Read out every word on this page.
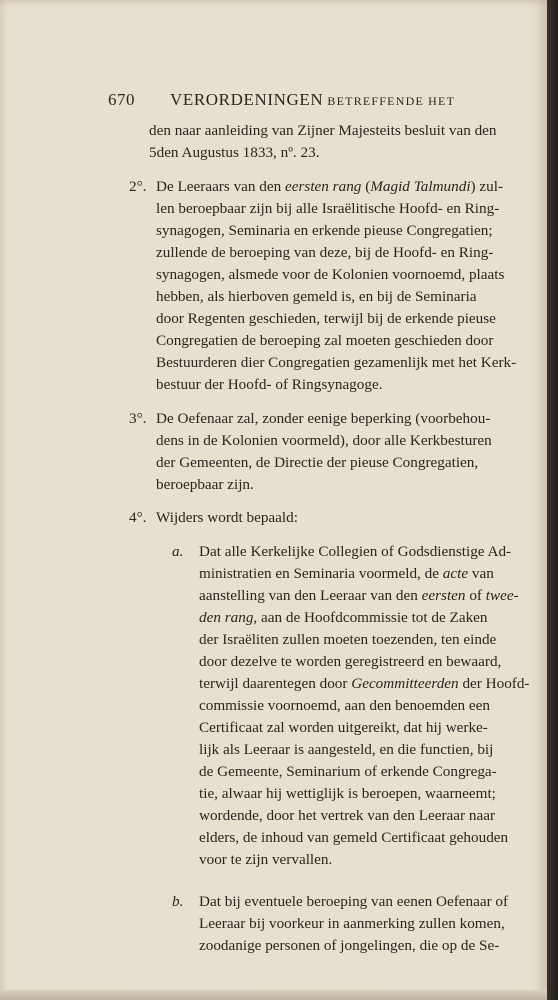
670 VERORDENINGEN BETREFFENDE HET
den naar aanleiding van Zijner Majesteits besluit van den
5den Augustus 1833, nº. 23.
2°. De Leeraars van den eersten rang (Magid Talmundi) zul-
len beroepbaar zijn bij alle Israëlitische Hoofd- en Ring-
synagogen, Seminaria en erkende pieuse Congregatien;
zullende de beroeping van deze, bij de Hoofd- en Ring-
synagogen, alsmede voor de Kolonien voornoemd, plaats
hebben, als hierboven gemeld is, en bij de Seminaria
door Regenten geschieden, terwijl bij de erkende pieuse
Congregatien de beroeping zal moeten geschieden door
Bestuurderen dier Congregatien gezamenlijk met het Kerk-
bestuur der Hoofd- of Ringsynagoge.
3°. De Oefenaar zal, zonder eenige beperking (voorbehou-
dens in de Kolonien voormeld), door alle Kerkbesturen
der Gemeenten, de Directie der pieuse Congregatien,
beroepbaar zijn.
4°. Wijders wordt bepaald:
a. Dat alle Kerkelijke Collegien of Godsdienstige Ad-
ministratien en Seminaria voormeld, de acte van
aanstelling van den Leeraar van den eersten of twee-
den rang, aan de Hoofdcommissie tot de Zaken
der Israëliten zullen moeten toezenden, ten einde
door dezelve te worden geregistreerd en bewaard,
terwijl daarentegen door Gecommitteerden der Hoofd-
commissie voornoemd, aan den benoemden een
Certificaat zal worden uitgereikt, dat hij werke-
lijk als Leeraar is aangesteld, en die functien, bij
de Gemeente, Seminarium of erkende Congrega-
tie, alwaar hij wettiglijk is beroepen, waarneemt;
wordende, door het vertrek van den Leeraar naar
elders, de inhoud van gemeld Certificaat gehouden
voor te zijn vervallen.
b. Dat bij eventuele beroeping van eenen Oefenaar of
Leeraar bij voorkeur in aanmerking zullen komen,
zoodanige personen of jongelingen, die op de Se-
